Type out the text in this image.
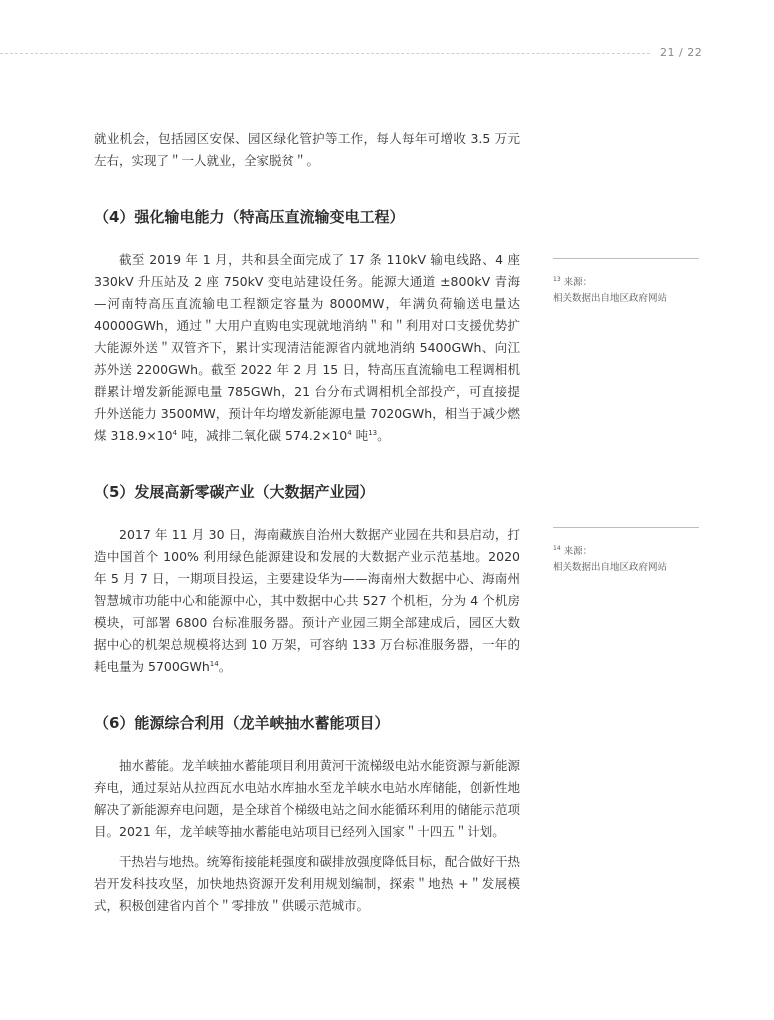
21 / 22

就业机会，包括园区安保、园区绿化管护等工作，每人每年可增收 3.5 万元左右，实现了＂一人就业，全家脱贫＂。

（4）强化输电能力（特高压直流输变电工程）

截至 2019 年 1 月，共和县全面完成了 17 条 110kV 输电线路、4 座 330kV 升压站及 2 座 750kV 变电站建设任务。能源大通道 ±800kV 青海—河南特高压直流输电工程额定容量为 8000MW，年满负荷输送电量达 40000GWh，通过＂大用户直购电实现就地消纳＂和＂利用对口支援优势扩大能源外送＂双管齐下，累计实现清洁能源省内就地消纳 5400GWh、向江苏外送 2200GWh。截至 2022 年 2 月 15 日，特高压直流输电工程调相机群累计增发新能源电量 785GWh，21 台分布式调相机全部投产，可直接提升外送能力 3500MW，预计年均增发新能源电量 7020GWh，相当于减少燃煤 $318.9\times 10^4$ 吨，减排二氧化碳 $574.2\times 10^4$ 吨$^{13}$。

（5）发展高新零碳产业（大数据产业园）

2017 年 11 月 30 日，海南藏族自治州大数据产业园在共和县启动，打造中国首个 100% 利用绿色能源建设和发展的大数据产业示范基地。2020 年 5 月 7 日，一期项目投运，主要建设华为——海南州大数据中心、海南州智慧城市功能中心和能源中心，其中数据中心共 527 个机柜，分为 4 个机房模块，可部署 6800 台标准服务器。预计产业园三期全部建成后，园区大数据中心的机架总规模将达到 10 万架，可容纳 133 万台标准服务器，一年的耗电量为 5700GWh$^{14}$。

（6）能源综合利用（龙羊峡抽水蓄能项目）

抽水蓄能。龙羊峡抽水蓄能项目利用黄河干流梯级电站水能资源与新能源弃电，通过泵站从拉西瓦水电站水库抽水至龙羊峡水电站水库储能，创新性地解决了新能源弃电问题，是全球首个梯级电站之间水能循环利用的储能示范项目。2021 年，龙羊峡等抽水蓄能电站项目已经列入国家＂十四五＂计划。

干热岩与地热。统筹衔接能耗强度和碳排放强度降低目标，配合做好干热岩开发科技攻坚，加快地热资源开发利用规划编制，探索＂地热 +＂发展模式，积极创建省内首个＂零排放＂供暖示范城市。

$^{13}$ 来源：
相关数据出自地区政府网站
$^{14}$ 来源：
相关数据出自地区政府网站
